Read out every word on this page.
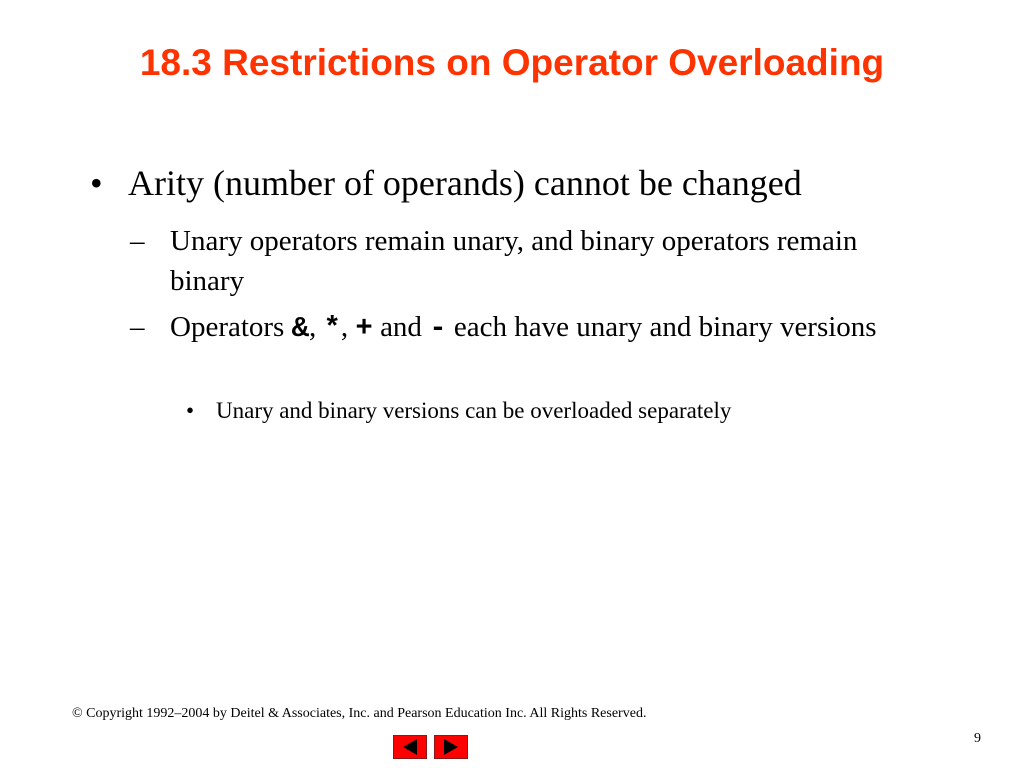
18.3 Restrictions on Operator Overloading
• Arity (number of operands) cannot be changed
– Unary operators remain unary, and binary operators remain binary
– Operators &, *, + and - each have unary and binary versions
• Unary and binary versions can be overloaded separately
© Copyright 1992–2004 by Deitel & Associates, Inc. and Pearson Education Inc. All Rights Reserved.
9
